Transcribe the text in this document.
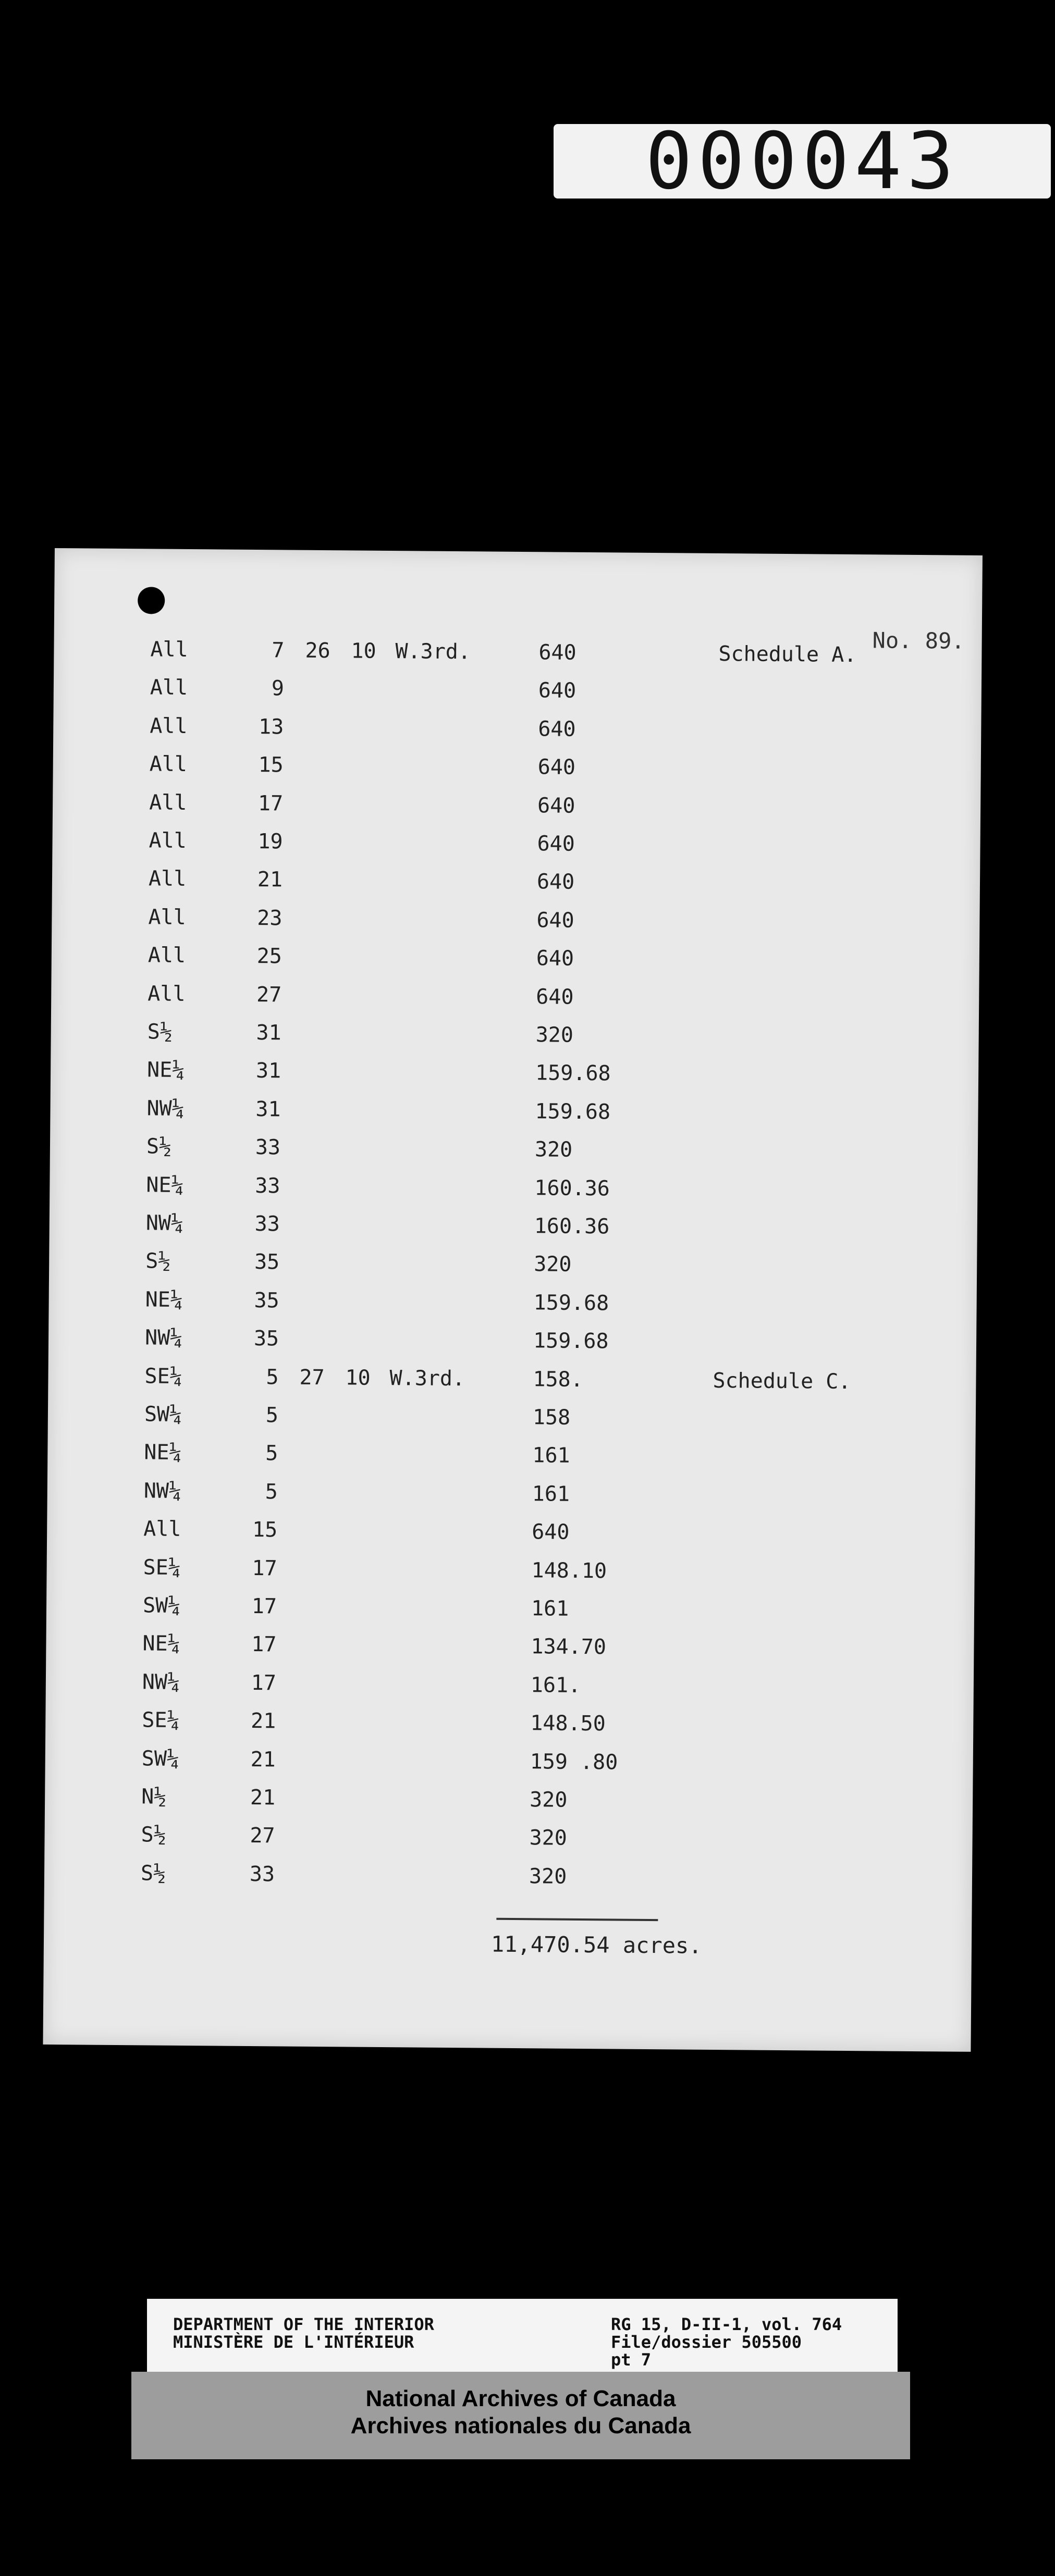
000043
No. 89.
All	7 26 10 W.3rd.	640	Schedule A.
All	9	640
All	13	640
All	15	640
All	17	640
All	19	640
All	21	640
All	23	640
All	25	640
All	27	640
S½	31	320
NE¼	31	159.68
NW¼	31	159.68
S½	33	320
NE¼	33	160.36
NW¼	33	160.36
S½	35	320
NE¼	35	159.68
NW¼	35	159.68
SE¼	5 27 10 W.3rd.	158.	Schedule C.
SW¼	5	158
NE¼	5	161
NW¼	5	161
All	15	640
SE¼	17	148.10
SW¼	17	161
NE¼	17	134.70
NW¼	17	161.
SE¼	21	148.50
SW¼	21	159 .80
N½	21	320
S½	27	320
S½	33	320
11,470.54 acres.
DEPARTMENT OF THE INTERIOR
MINISTÈRE DE L'INTÉRIEUR
RG 15, D-II-1, vol. 764
File/dossier 505500
pt 7
National Archives of Canada
Archives nationales du Canada
